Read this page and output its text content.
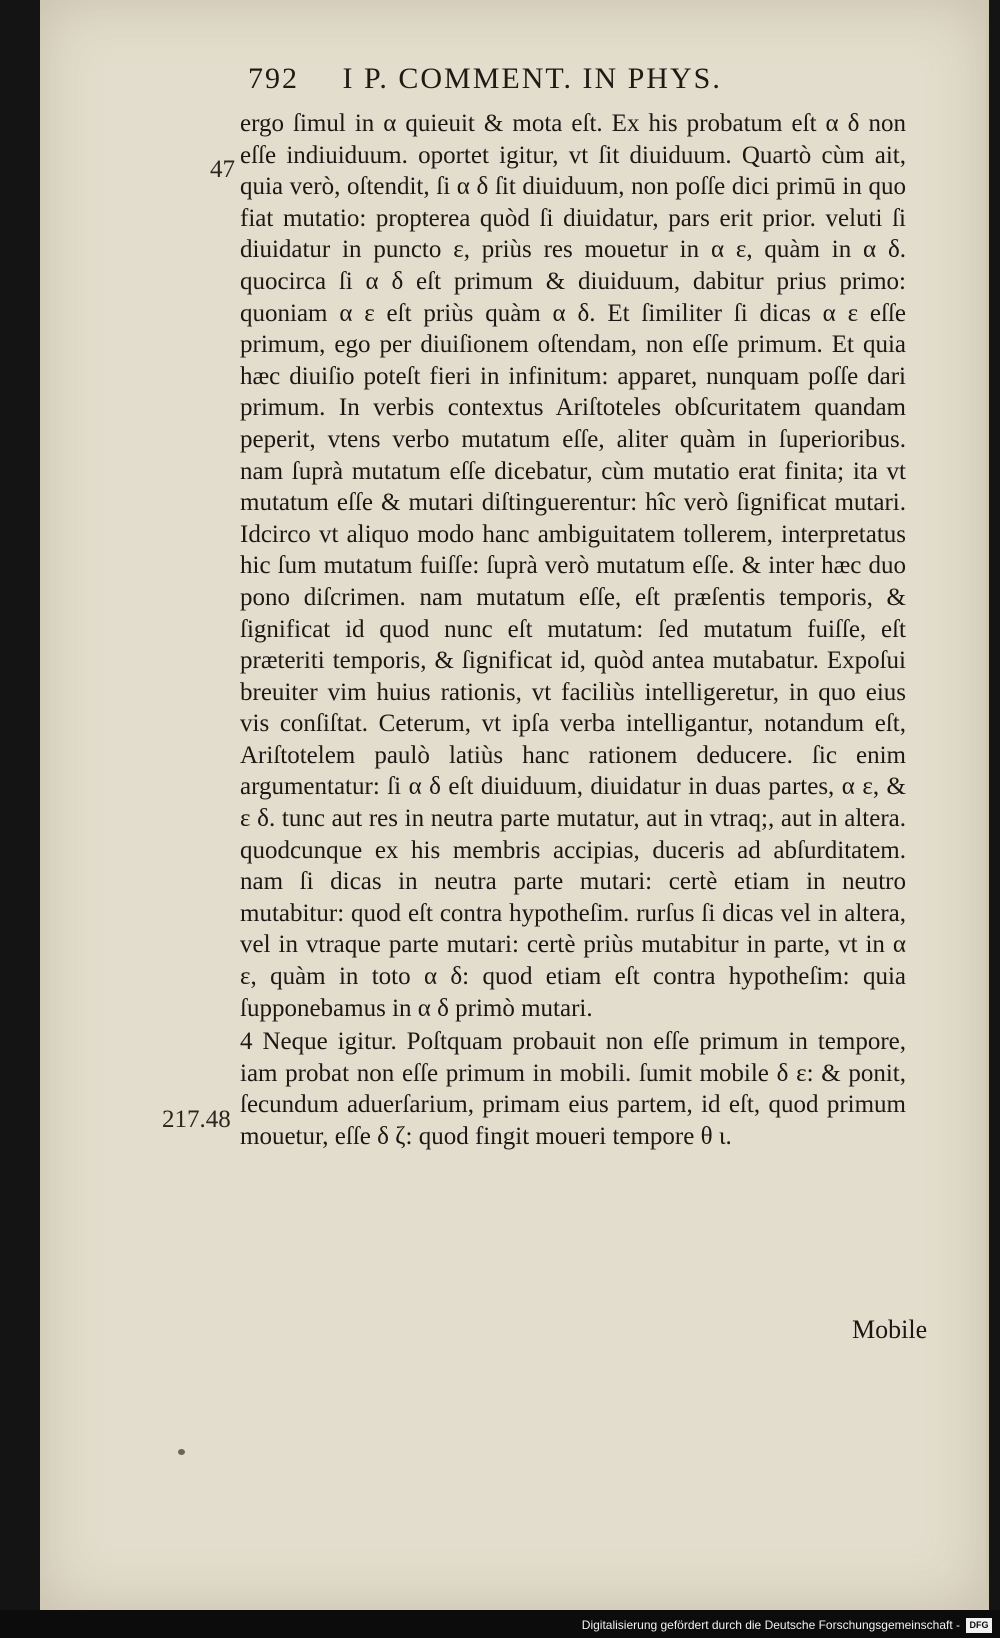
792 I P. COMMENT. IN PHYS.
47
217.48

ergo ſimul in α quieuit & mota eſt. Ex his probatum eſt α δ non eſſe indiuiduum. oportet igitur, vt ſit diuiduum. Quartò cùm ait, quia verò, oſtendit, ſi α δ ſit diuiduum, non poſſe dici primū in quo fiat mutatio: propterea quòd ſi diuidatur, pars erit prior. veluti ſi diuidatur in puncto ε, priùs res mouetur in α ε, quàm in α δ. quocirca ſi α δ eſt primum & diuiduum, dabitur prius primo: quoniam α ε eſt priùs quàm α δ. Et ſimiliter ſi dicas α ε eſſe primum, ego per diuiſionem oſtendam, non eſſe primum. Et quia hæc diuiſio poteſt fieri in infinitum: apparet, nunquam poſſe dari primum. In verbis contextus Ariſtoteles obſcuritatem quandam peperit, vtens verbo mutatum eſſe, aliter quàm in ſuperioribus. nam ſuprà mutatum eſſe dicebatur, cùm mutatio erat finita; ita vt mutatum eſſe & mutari diſtinguerentur: hîc verò ſignificat mutari. Idcirco vt aliquo modo hanc ambiguitatem tollerem, interpretatus hic ſum mutatum fuiſſe: ſuprà verò mutatum eſſe. & inter hæc duo pono diſcrimen. nam mutatum eſſe, eſt præſentis temporis, & ſignificat id quod nunc eſt mutatum: ſed mutatum fuiſſe, eſt præteriti temporis, & ſignificat id, quòd antea mutabatur. Expoſui breuiter vim huius rationis, vt faciliùs intelligeretur, in quo eius vis conſiſtat. Ceterum, vt ipſa verba intelligantur, notandum eſt, Ariſtotelem paulò latiùs hanc rationem deducere. ſic enim argumentatur: ſi α δ eſt diuiduum, diuidatur in duas partes, α ε, & ε δ. tunc aut res in neutra parte mutatur, aut in vtraq;, aut in altera. quodcunque ex his membris accipias, duceris ad abſurditatem. nam ſi dicas in neutra parte mutari: certè etiam in neutro mutabitur: quod eſt contra hypotheſim. rurſus ſi dicas vel in altera, vel in vtraque parte mutari: certè priùs mutabitur in parte, vt in α ε, quàm in toto α δ: quod etiam eſt contra hypotheſim: quia ſupponebamus in α δ primò mutari.

4 Neque igitur. Poſtquam probauit non eſſe primum in tempore, iam probat non eſſe primum in mobili. ſumit mobile δ ε: & ponit, ſecundum aduerſarium, primam eius partem, id eſt, quod primum mouetur, eſſe δ ζ: quod fingit moueri tempore θ ι.

Mobile
Digitalisierung gefördert durch die Deutsche Forschungsgemeinschaft -	DFG
